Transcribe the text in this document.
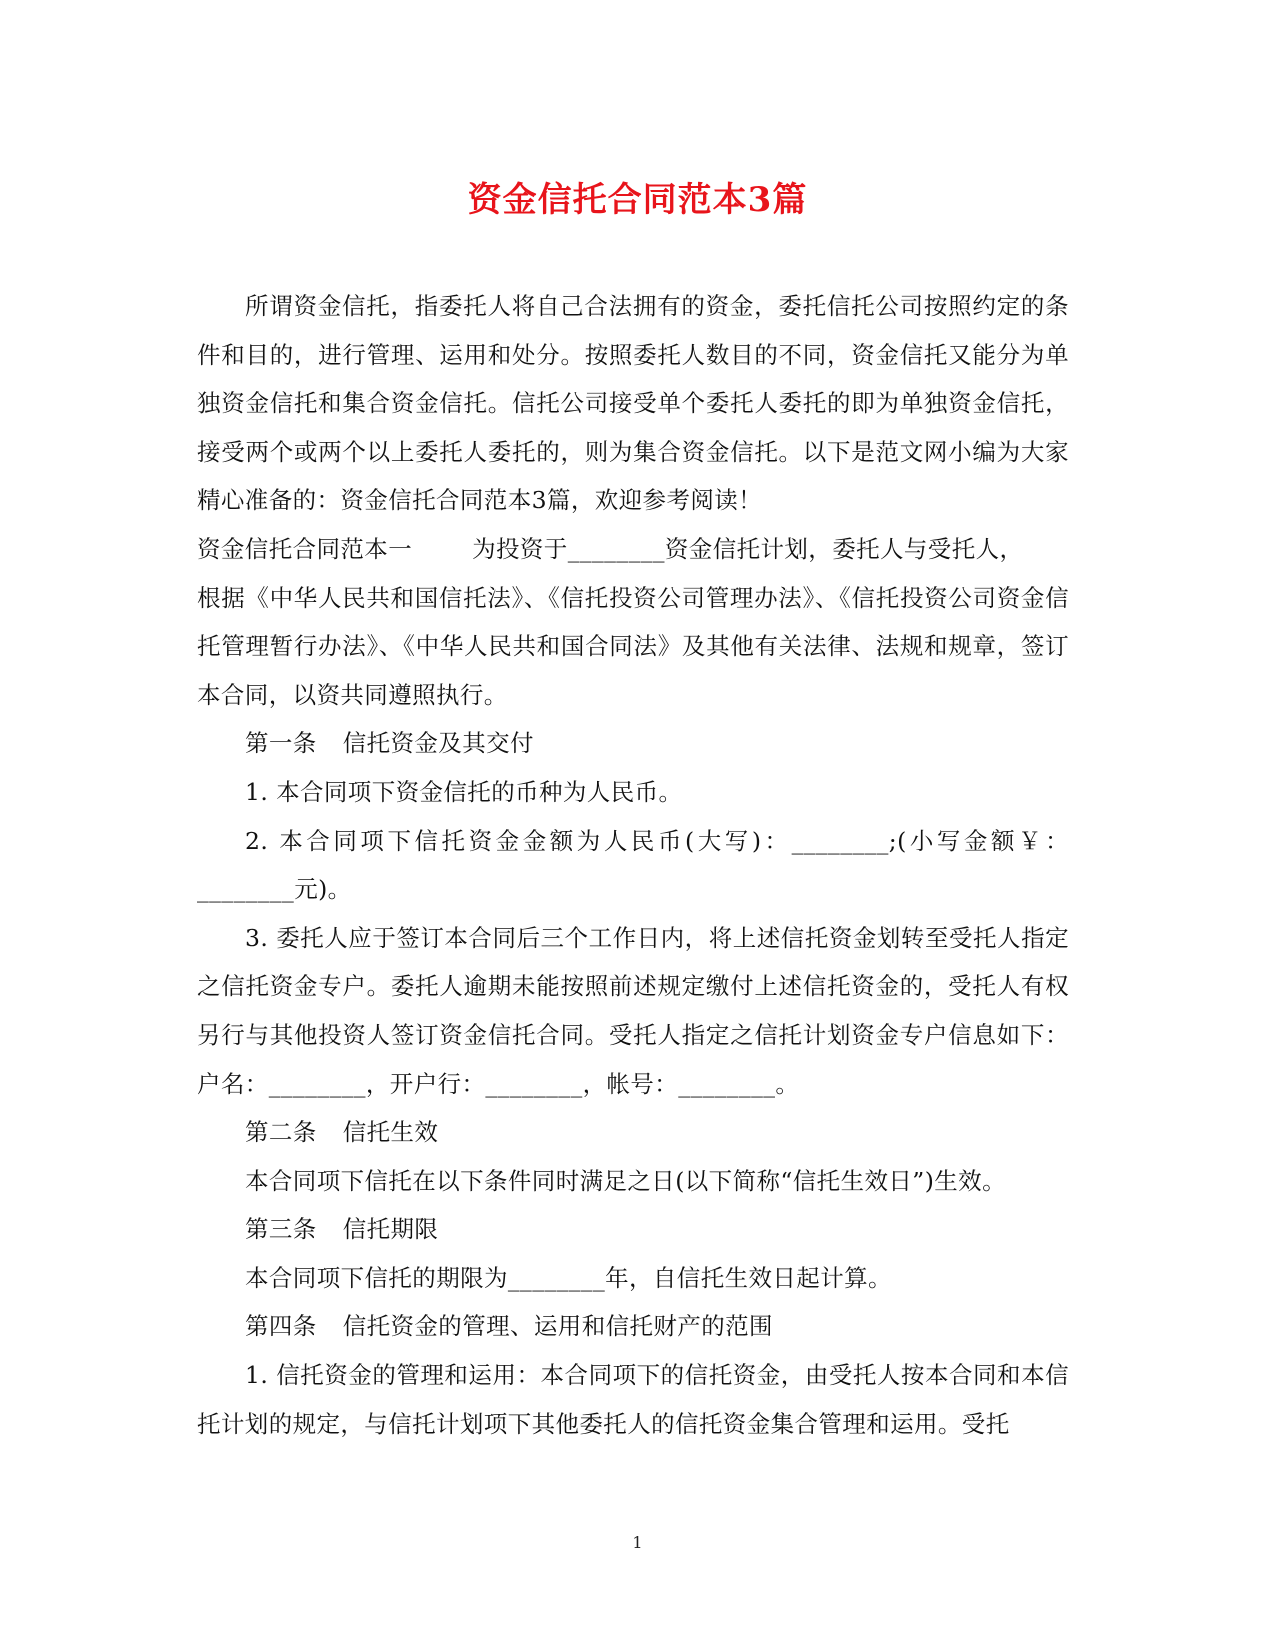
资金信托合同范本3篇

所谓资金信托，指委托人将自己合法拥有的资金，委托信托公司按照约定的条件和目的，进行管理、运用和处分。按照委托人数目的不同，资金信托又能分为单独资金信托和集合资金信托。信托公司接受单个委托人委托的即为单独资金信托，接受两个或两个以上委托人委托的，则为集合资金信托。以下是范文网小编为大家精心准备的：资金信托合同范本3篇，欢迎参考阅读！

资金信托合同范本一	为投资于________资金信托计划，委托人与受托人，

根据《中华人民共和国信托法》、《信托投资公司管理办法》、《信托投资公司资金信托管理暂行办法》、《中华人民共和国合同法》及其他有关法律、法规和规章，签订本合同，以资共同遵照执行。

第一条 信托资金及其交付

1. 本合同项下资金信托的币种为人民币。

2. 本合同项下信托资金金额为人民币(大写)：________;(小写金额￥：________元)。

3. 委托人应于签订本合同后三个工作日内，将上述信托资金划转至受托人指定之信托资金专户。委托人逾期未能按照前述规定缴付上述信托资金的，受托人有权另行与其他投资人签订资金信托合同。受托人指定之信托计划资金专户信息如下：户名：________，开户行：________，帐号：________。

第二条 信托生效

本合同项下信托在以下条件同时满足之日(以下简称“信托生效日”)生效。

第三条 信托期限

本合同项下信托的期限为________年，自信托生效日起计算。

第四条 信托资金的管理、运用和信托财产的范围

1. 信托资金的管理和运用：本合同项下的信托资金，由受托人按本合同和本信托计划的规定，与信托计划项下其他委托人的信托资金集合管理和运用。受托

1
